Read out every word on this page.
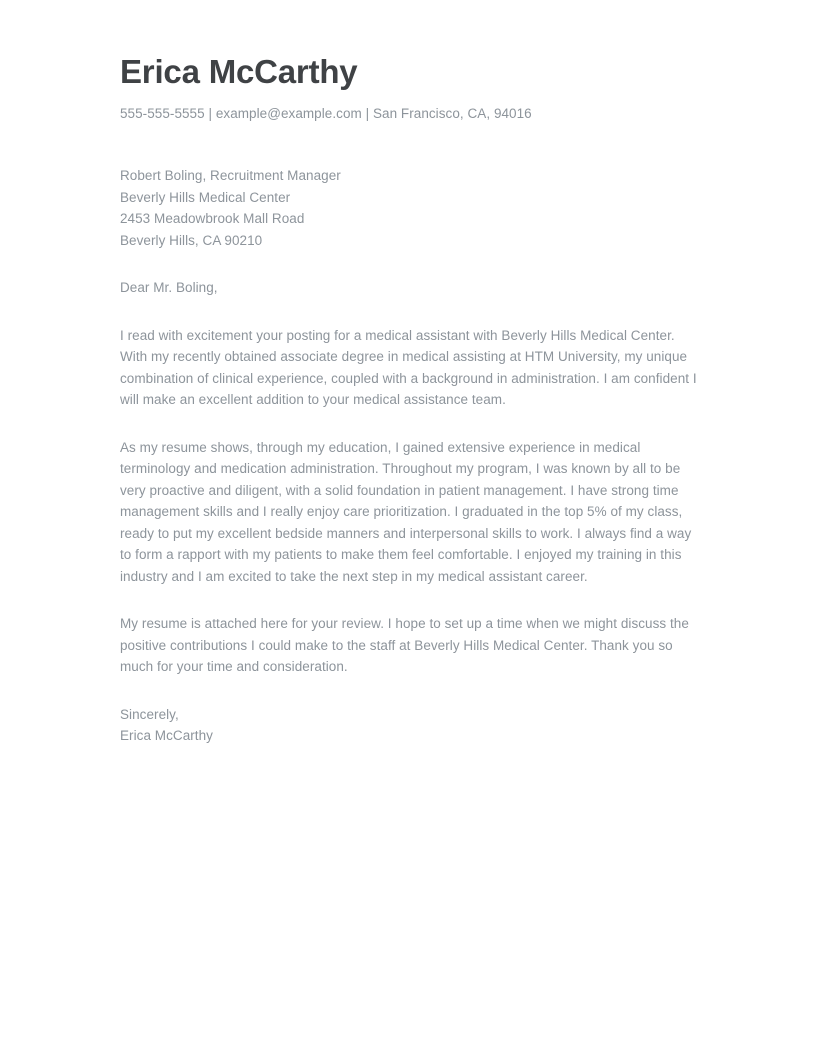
Erica McCarthy

555-555-5555 | example@example.com | San Francisco, CA, 94016

Robert Boling, Recruitment Manager

Beverly Hills Medical Center

2453 Meadowbrook Mall Road

Beverly Hills, CA 90210

Dear Mr. Boling,

I read with excitement your posting for a medical assistant with Beverly Hills Medical Center. With my recently obtained associate degree in medical assisting at HTM University, my unique combination of clinical experience, coupled with a background in administration. I am confident I will make an excellent addition to your medical assistance team.

As my resume shows, through my education, I gained extensive experience in medical terminology and medication administration. Throughout my program, I was known by all to be very proactive and diligent, with a solid foundation in patient management. I have strong time management skills and I really enjoy care prioritization. I graduated in the top 5% of my class, ready to put my excellent bedside manners and interpersonal skills to work. I always find a way to form a rapport with my patients to make them feel comfortable. I enjoyed my training in this industry and I am excited to take the next step in my medical assistant career.

My resume is attached here for your review. I hope to set up a time when we might discuss the positive contributions I could make to the staff at Beverly Hills Medical Center. Thank you so much for your time and consideration.

Sincerely,

Erica McCarthy
